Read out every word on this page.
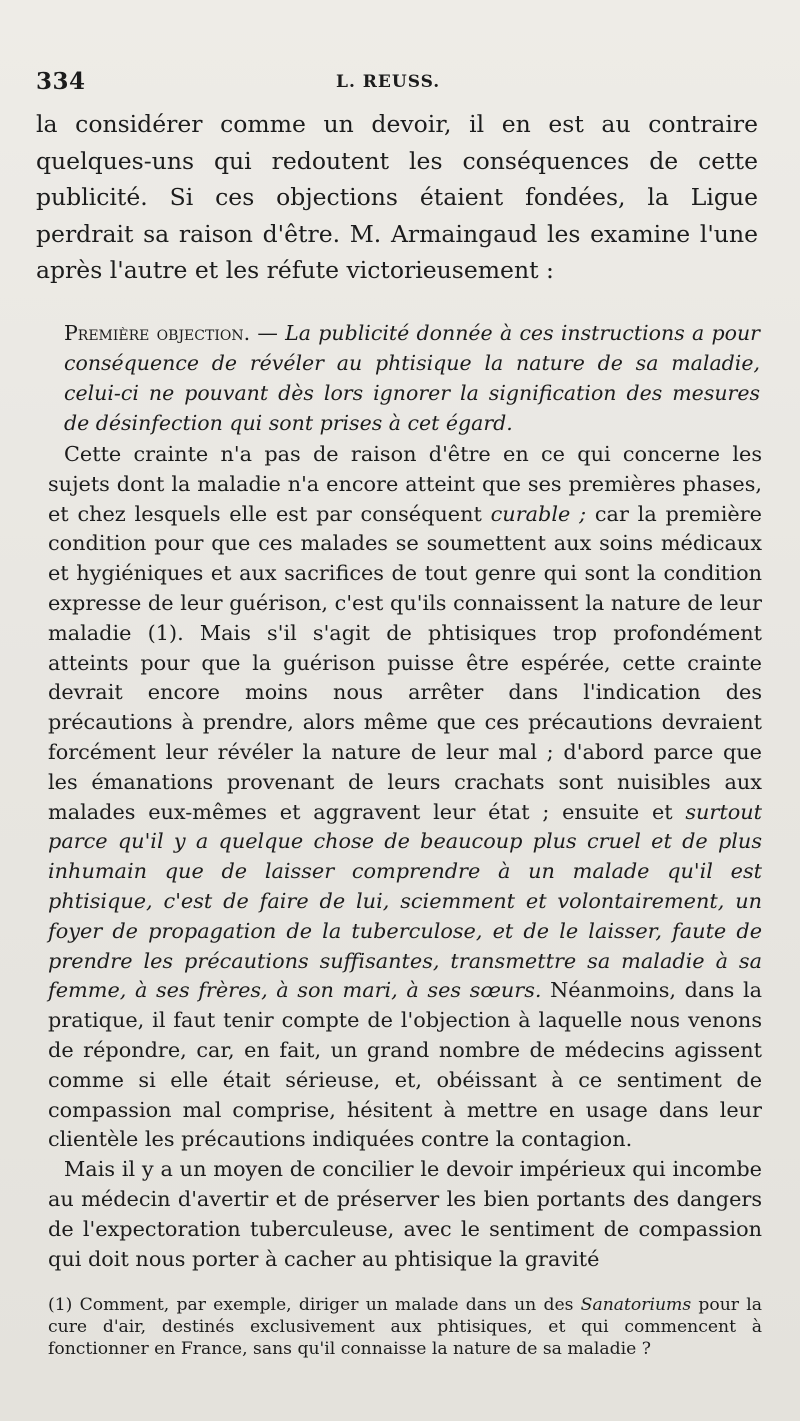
334	L. REUSS.

la considérer comme un devoir, il en est au contraire quelques-uns qui redoutent les conséquences de cette publicité. Si ces objections étaient fondées, la Ligue perdrait sa raison d'être. M. Armaingaud les examine l'une après l'autre et les réfute victorieusement :

Première objection. — La publicité donnée à ces instructions a pour conséquence de révéler au phtisique la nature de sa maladie, celui-ci ne pouvant dès lors ignorer la signification des mesures de désinfection qui sont prises à cet égard.

Cette crainte n'a pas de raison d'être en ce qui concerne les sujets dont la maladie n'a encore atteint que ses premières phases, et chez lesquels elle est par conséquent curable ; car la première condition pour que ces malades se soumettent aux soins médicaux et hygiéniques et aux sacrifices de tout genre qui sont la condition expresse de leur guérison, c'est qu'ils connaissent la nature de leur maladie (1). Mais s'il s'agit de phtisiques trop profondément atteints pour que la guérison puisse être espérée, cette crainte devrait encore moins nous arrêter dans l'indication des précautions à prendre, alors même que ces précautions devraient forcément leur révéler la nature de leur mal ; d'abord parce que les émanations provenant de leurs crachats sont nuisibles aux malades eux-mêmes et aggravent leur état ; ensuite et surtout parce qu'il y a quelque chose de beaucoup plus cruel et de plus inhumain que de laisser comprendre à un malade qu'il est phtisique, c'est de faire de lui, sciemment et volontairement, un foyer de propagation de la tuberculose, et de le laisser, faute de prendre les précautions suffisantes, transmettre sa maladie à sa femme, à ses frères, à son mari, à ses sœurs. Néanmoins, dans la pratique, il faut tenir compte de l'objection à laquelle nous venons de répondre, car, en fait, un grand nombre de médecins agissent comme si elle était sérieuse, et, obéissant à ce sentiment de compassion mal comprise, hésitent à mettre en usage dans leur clientèle les précautions indiquées contre la contagion.

Mais il y a un moyen de concilier le devoir impérieux qui incombe au médecin d'avertir et de préserver les bien portants des dangers de l'expectoration tuberculeuse, avec le sentiment de compassion qui doit nous porter à cacher au phtisique la gravité

(1) Comment, par exemple, diriger un malade dans un des Sanatoriums pour la cure d'air, destinés exclusivement aux phtisiques, et qui commencent à fonctionner en France, sans qu'il connaisse la nature de sa maladie ?
